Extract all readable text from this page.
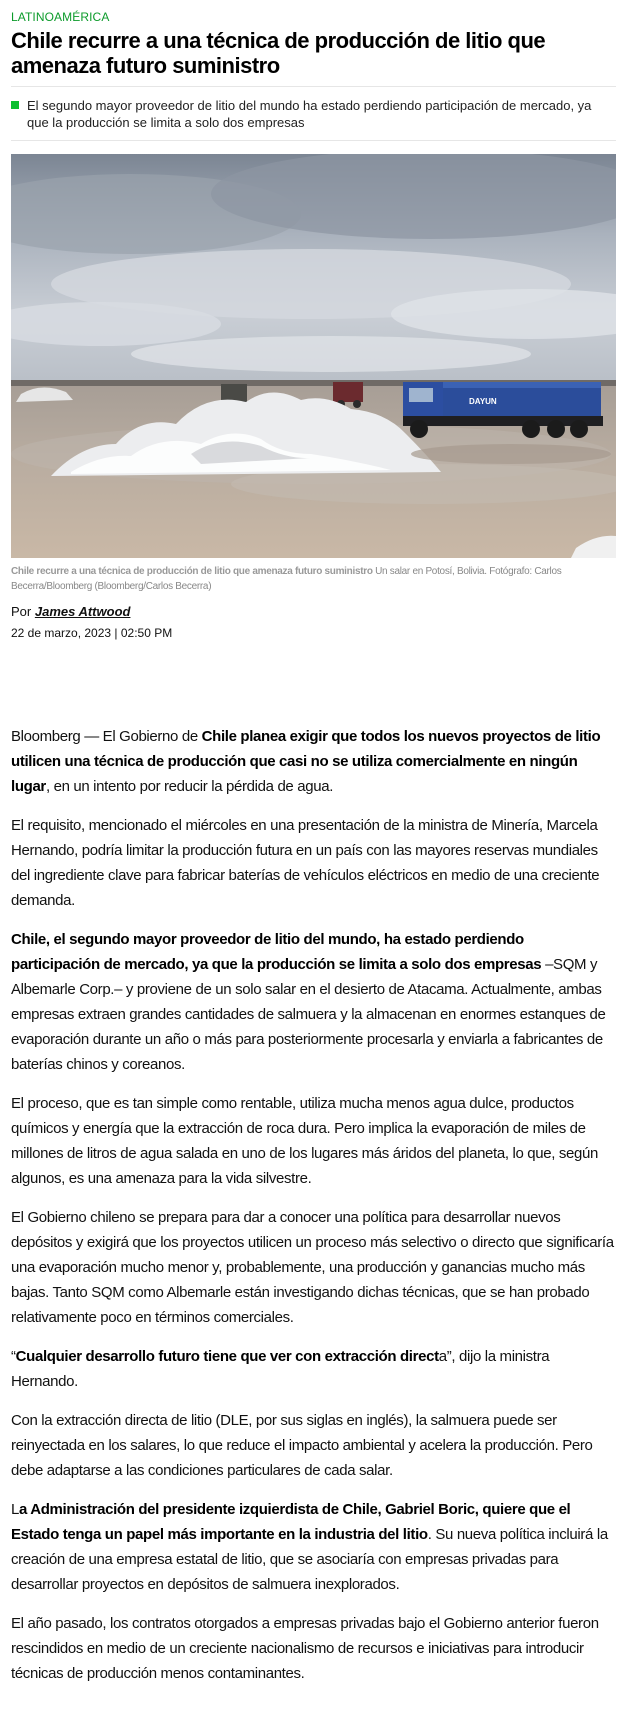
LATINOAMÉRICA
Chile recurre a una técnica de producción de litio que amenaza futuro suministro

El segundo mayor proveedor de litio del mundo ha estado perdiendo participación de mercado, ya que la producción se limita a solo dos empresas

DAYUN
Chile recurre a una técnica de producción de litio que amenaza futuro suministro Un salar en Potosí, Bolivia. Fotógrafo: Carlos Becerra/Bloomberg (Bloomberg/Carlos Becerra)
Por James Attwood
22 de marzo, 2023 | 02:50 PM

Bloomberg — El Gobierno de Chile planea exigir que todos los nuevos proyectos de litio utilicen una técnica de producción que casi no se utiliza comercialmente en ningún lugar, en un intento por reducir la pérdida de agua.

El requisito, mencionado el miércoles en una presentación de la ministra de Minería, Marcela Hernando, podría limitar la producción futura en un país con las mayores reservas mundiales del ingrediente clave para fabricar baterías de vehículos eléctricos en medio de una creciente demanda.

Chile, el segundo mayor proveedor de litio del mundo, ha estado perdiendo participación de mercado, ya que la producción se limita a solo dos empresas –SQM y Albemarle Corp.– y proviene de un solo salar en el desierto de Atacama. Actualmente, ambas empresas extraen grandes cantidades de salmuera y la almacenan en enormes estanques de evaporación durante un año o más para posteriormente procesarla y enviarla a fabricantes de baterías chinos y coreanos.

El proceso, que es tan simple como rentable, utiliza mucha menos agua dulce, productos químicos y energía que la extracción de roca dura. Pero implica la evaporación de miles de millones de litros de agua salada en uno de los lugares más áridos del planeta, lo que, según algunos, es una amenaza para la vida silvestre.

El Gobierno chileno se prepara para dar a conocer una política para desarrollar nuevos depósitos y exigirá que los proyectos utilicen un proceso más selectivo o directo que significaría una evaporación mucho menor y, probablemente, una producción y ganancias mucho más bajas. Tanto SQM como Albemarle están investigando dichas técnicas, que se han probado relativamente poco en términos comerciales.

“Cualquier desarrollo futuro tiene que ver con extracción directa”, dijo la ministra Hernando.

Con la extracción directa de litio (DLE, por sus siglas en inglés), la salmuera puede ser reinyectada en los salares, lo que reduce el impacto ambiental y acelera la producción. Pero debe adaptarse a las condiciones particulares de cada salar.

La Administración del presidente izquierdista de Chile, Gabriel Boric, quiere que el Estado tenga un papel más importante en la industria del litio. Su nueva política incluirá la creación de una empresa estatal de litio, que se asociaría con empresas privadas para desarrollar proyectos en depósitos de salmuera inexplorados.

El año pasado, los contratos otorgados a empresas privadas bajo el Gobierno anterior fueron rescindidos en medio de un creciente nacionalismo de recursos e iniciativas para introducir técnicas de producción menos contaminantes.
